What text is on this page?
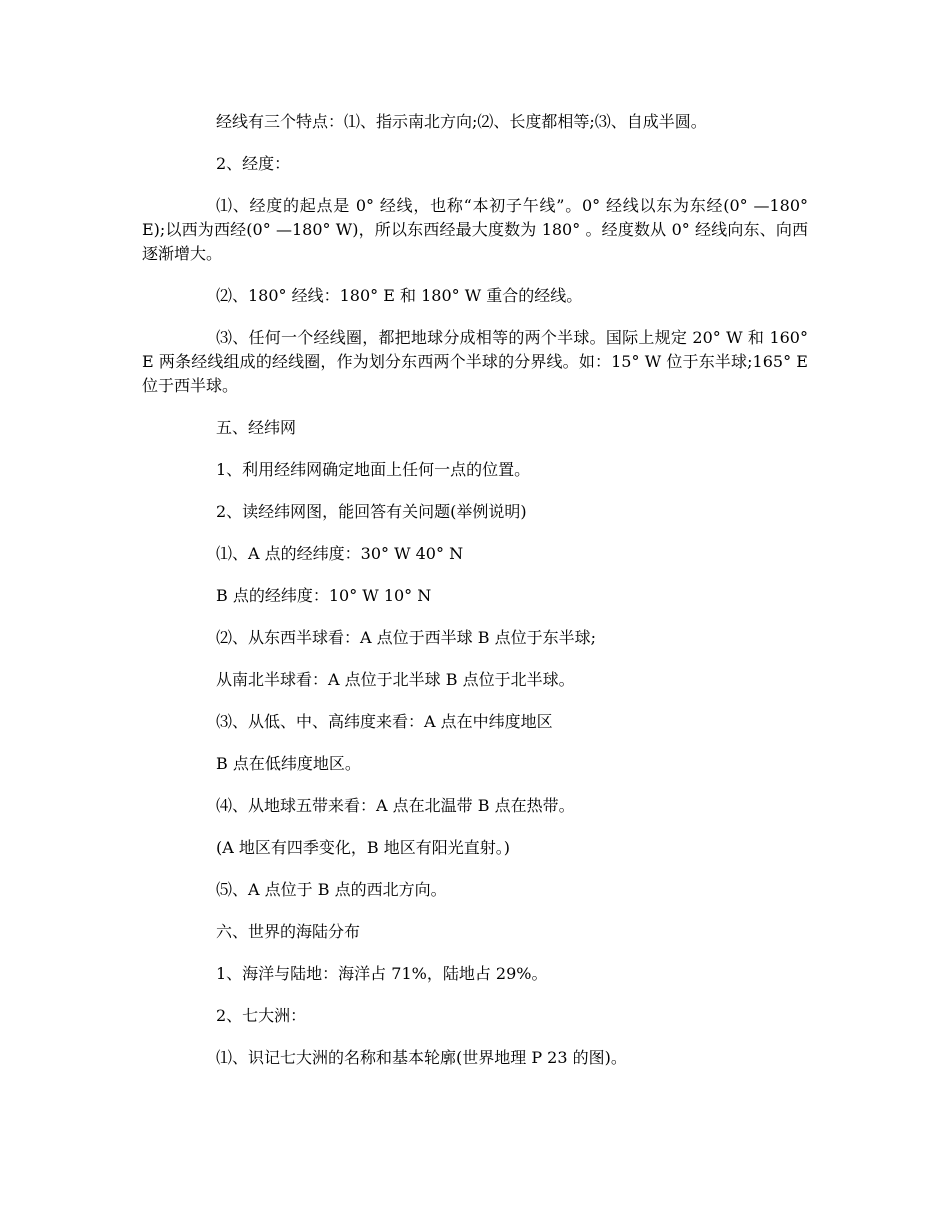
经线有三个特点：⑴、指示南北方向;⑵、长度都相等;⑶、自成半圆。

2、经度：

⑴、经度的起点是 0° 经线，也称“本初子午线”。0° 经线以东为东经(0° —180° E);以西为西经(0° —180° W)，所以东西经最大度数为 180° 。经度数从 0° 经线向东、向西逐渐增大。

⑵、180° 经线：180° E 和 180° W 重合的经线。

⑶、任何一个经线圈，都把地球分成相等的两个半球。国际上规定 20° W 和 160° E 两条经线组成的经线圈，作为划分东西两个半球的分界线。如：15° W 位于东半球;165° E 位于西半球。

五、经纬网

1、利用经纬网确定地面上任何一点的位置。

2、读经纬网图，能回答有关问题(举例说明)

⑴、A 点的经纬度：30° W 40° N

B 点的经纬度：10° W 10° N

⑵、从东西半球看：A 点位于西半球 B 点位于东半球;

从南北半球看：A 点位于北半球 B 点位于北半球。

⑶、从低、中、高纬度来看：A 点在中纬度地区

B 点在低纬度地区。

⑷、从地球五带来看：A 点在北温带 B 点在热带。

(A 地区有四季变化，B 地区有阳光直射。)

⑸、A 点位于 B 点的西北方向。

六、世界的海陆分布

1、海洋与陆地：海洋占 71%，陆地占 29%。

2、七大洲：

⑴、识记七大洲的名称和基本轮廓(世界地理 P 23 的图)。
